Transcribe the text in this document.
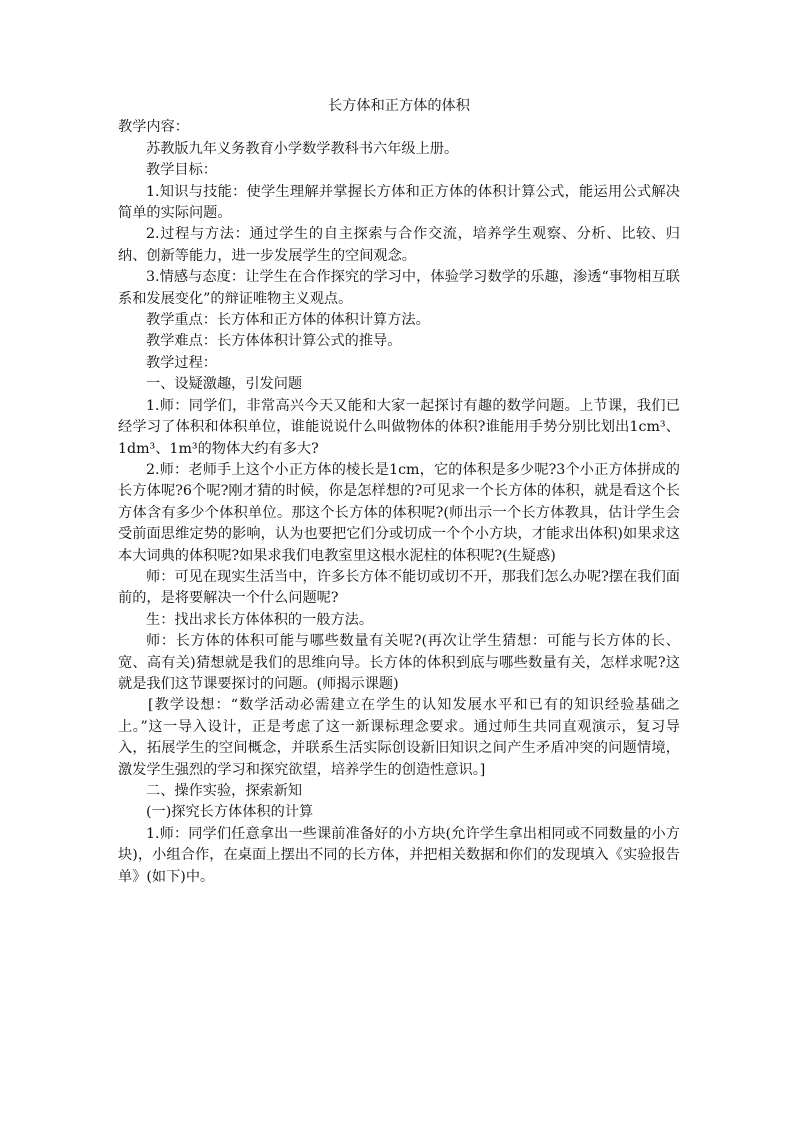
长方体和正方体的体积

教学内容：

苏教版九年义务教育小学数学教科书六年级上册。

教学目标：

1.知识与技能：使学生理解并掌握长方体和正方体的体积计算公式，能运用公式解决简单的实际问题。

2.过程与方法：通过学生的自主探索与合作交流，培养学生观察、分析、比较、归纳、创新等能力，进一步发展学生的空间观念。

3.情感与态度：让学生在合作探究的学习中，体验学习数学的乐趣，渗透“事物相互联系和发展变化”的辩证唯物主义观点。

教学重点：长方体和正方体的体积计算方法。

教学难点：长方体体积计算公式的推导。

教学过程：

一、设疑激趣，引发问题

1.师：同学们，非常高兴今天又能和大家一起探讨有趣的数学问题。上节课，我们已经学习了体积和体积单位，谁能说说什么叫做物体的体积?谁能用手势分别比划出1cm³、1dm³、1m³的物体大约有多大?

2.师：老师手上这个小正方体的棱长是1cm，它的体积是多少呢?3个小正方体拼成的长方体呢?6个呢?刚才猜的时候，你是怎样想的?可见求一个长方体的体积，就是看这个长方体含有多少个体积单位。那这个长方体的体积呢?(师出示一个长方体教具，估计学生会受前面思维定势的影响，认为也要把它们分或切成一个个小方块，才能求出体积)如果求这本大词典的体积呢?如果求我们电教室里这根水泥柱的体积呢?(生疑惑)

师：可见在现实生活当中，许多长方体不能切或切不开，那我们怎么办呢?摆在我们面前的，是将要解决一个什么问题呢?

生：找出求长方体体积的一般方法。

师：长方体的体积可能与哪些数量有关呢?(再次让学生猜想：可能与长方体的长、宽、高有关)猜想就是我们的思维向导。长方体的体积到底与哪些数量有关，怎样求呢?这就是我们这节课要探讨的问题。(师揭示课题)

[教学设想：“数学活动必需建立在学生的认知发展水平和已有的知识经验基础之上。”这一导入设计，正是考虑了这一新课标理念要求。通过师生共同直观演示，复习导入，拓展学生的空间概念，并联系生活实际创设新旧知识之间产生矛盾冲突的问题情境，激发学生强烈的学习和探究欲望，培养学生的创造性意识。]

二、操作实验，探索新知

(一)探究长方体体积的计算

1.师：同学们任意拿出一些课前准备好的小方块(允许学生拿出相同或不同数量的小方块)，小组合作，在桌面上摆出不同的长方体，并把相关数据和你们的发现填入《实验报告单》(如下)中。
